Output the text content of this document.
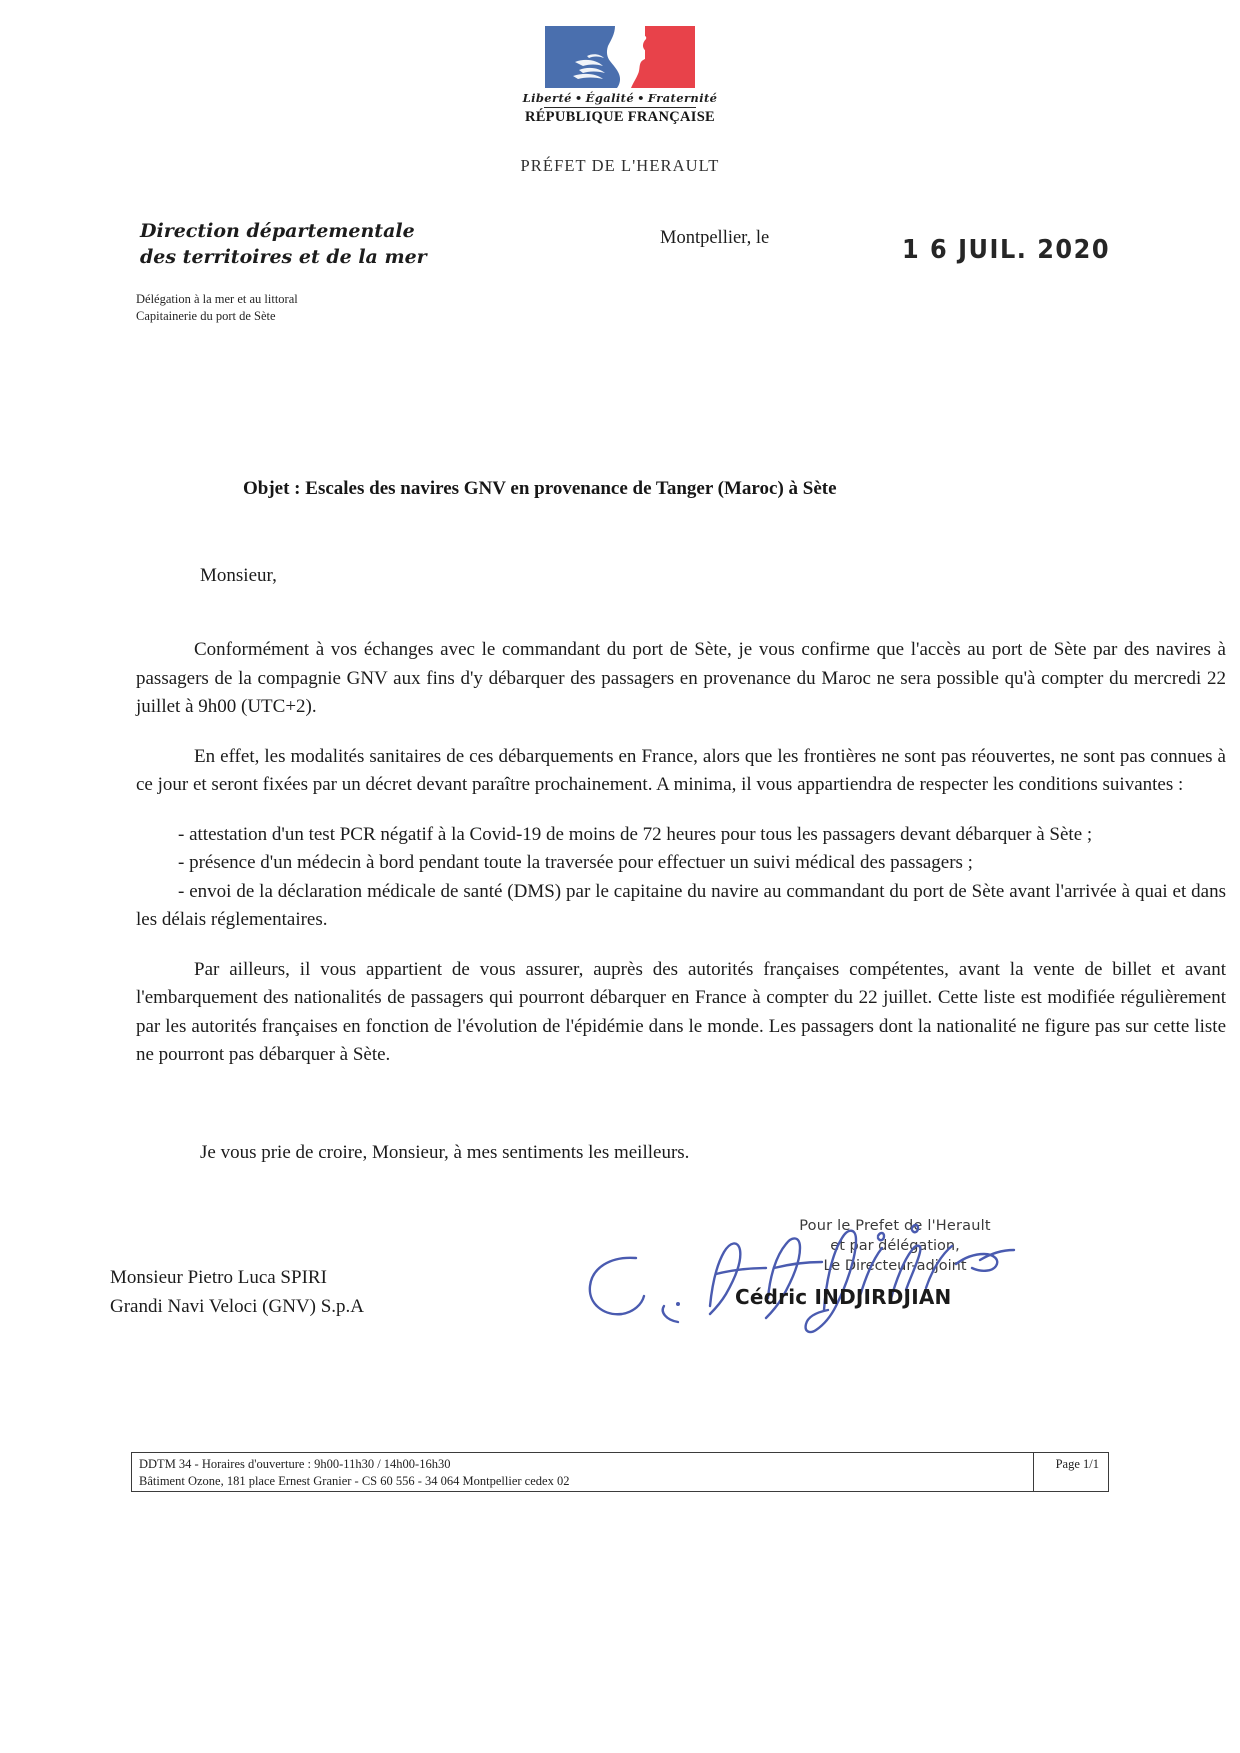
Liberté • Égalité • Fraternité
RÉPUBLIQUE FRANÇAISE
PRÉFET DE L'HERAULT
Direction départementale
des territoires et de la mer
Délégation à la mer et au littoral
Capitainerie du port de Sète
Montpellier, le	1 6 JUIL. 2020
Objet : Escales des navires GNV en provenance de Tanger (Maroc) à Sète
Monsieur,

Conformément à vos échanges avec le commandant du port de Sète, je vous confirme que l'accès au port de Sète par des navires à passagers de la compagnie GNV aux fins d'y débarquer des passagers en provenance du Maroc ne sera possible qu'à compter du mercredi 22 juillet à 9h00 (UTC+2).

En effet, les modalités sanitaires de ces débarquements en France, alors que les frontières ne sont pas réouvertes, ne sont pas connues à ce jour et seront fixées par un décret devant paraître prochainement. A minima, il vous appartiendra de respecter les conditions suivantes :

- attestation d'un test PCR négatif à la Covid-19 de moins de 72 heures pour tous les passagers devant débarquer à Sète ;

- présence d'un médecin à bord pendant toute la traversée pour effectuer un suivi médical des passagers ;

- envoi de la déclaration médicale de santé (DMS) par le capitaine du navire au commandant du port de Sète avant l'arrivée à quai et dans les délais réglementaires.

Par ailleurs, il vous appartient de vous assurer, auprès des autorités françaises compétentes, avant la vente de billet et avant l'embarquement des nationalités de passagers qui pourront débarquer en France à compter du 22 juillet. Cette liste est modifiée régulièrement par les autorités françaises en fonction de l'évolution de l'épidémie dans le monde. Les passagers dont la nationalité ne figure pas sur cette liste ne pourront pas débarquer à Sète.

Je vous prie de croire, Monsieur, à mes sentiments les meilleurs.
Monsieur Pietro Luca SPIRI
Grandi Navi Veloci (GNV) S.p.A
Pour le Prefet de l'Herault
et par délégation,
Le Directeur-adjoint
Cédric INDJIRDJIAN
DDTM 34 - Horaires d'ouverture : 9h00-11h30 / 14h00-16h30
Bâtiment Ozone, 181 place Ernest Granier - CS 60 556 - 34 064 Montpellier cedex 02
Page 1/1
